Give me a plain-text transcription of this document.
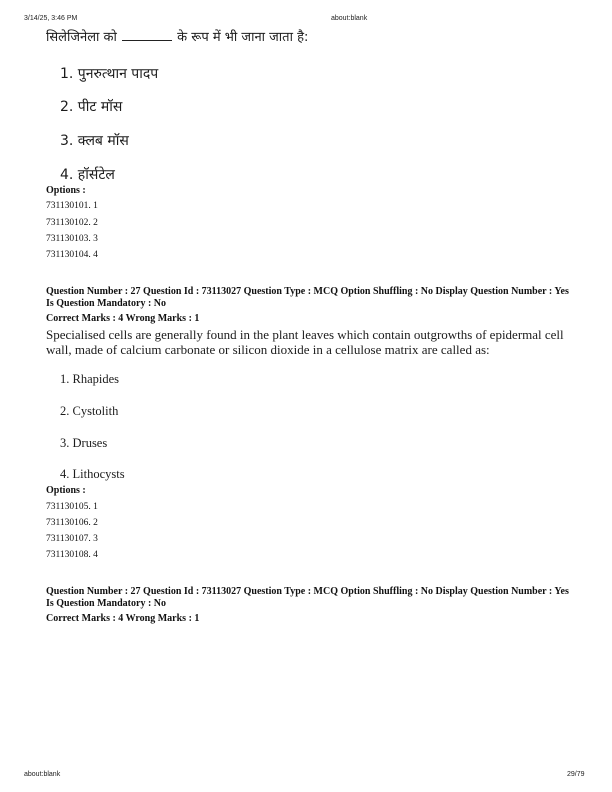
3/14/25, 3:46 PM	about:blank
सिलेजिनेला को	के रूप में भी जाना जाता है:
1. पुनरुत्थान पादप
2. पीट मॉस
3. क्लब मॉस
4. हॉर्सटेल
Options :
731130101. 1
731130102. 2
731130103. 3
731130104. 4
Question Number : 27 Question Id : 73113027 Question Type : MCQ Option Shuffling : No Display Question Number : Yes Is Question Mandatory : No
Correct Marks : 4 Wrong Marks : 1
Specialised cells are generally found in the plant leaves which contain outgrowths of epidermal cell wall, made of calcium carbonate or silicon dioxide in a cellulose matrix are called as:
1. Rhapides
2. Cystolith
3. Druses
4. Lithocysts
Options :
731130105. 1
731130106. 2
731130107. 3
731130108. 4
Question Number : 27 Question Id : 73113027 Question Type : MCQ Option Shuffling : No Display Question Number : Yes Is Question Mandatory : No
Correct Marks : 4 Wrong Marks : 1
about:blank	29/79
